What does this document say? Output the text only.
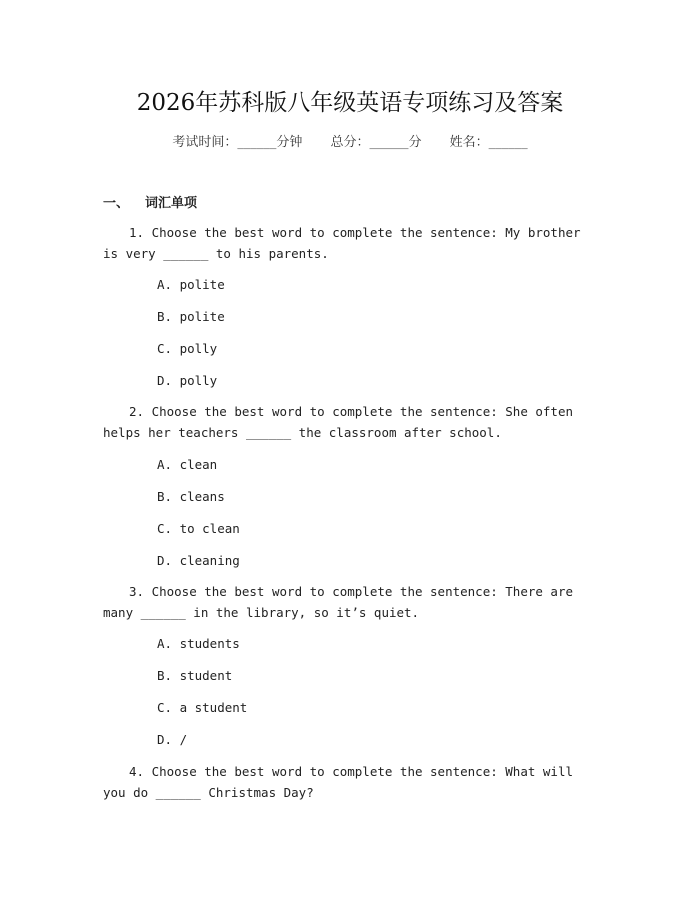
2026年苏科版八年级英语专项练习及答案
考试时间：______分钟 总分：______分 姓名：______
一、 词汇单项
1. Choose the best word to complete the sentence: My brother is very ______ to his parents.
A. polite
B. polite
C. polly
D. polly
2. Choose the best word to complete the sentence: She often helps her teachers ______ the classroom after school.
A. clean
B. cleans
C. to clean
D. cleaning
3. Choose the best word to complete the sentence: There are many ______ in the library, so it’s quiet.
A. students
B. student
C. a student
D. /
4. Choose the best word to complete the sentence: What will you do ______ Christmas Day?
